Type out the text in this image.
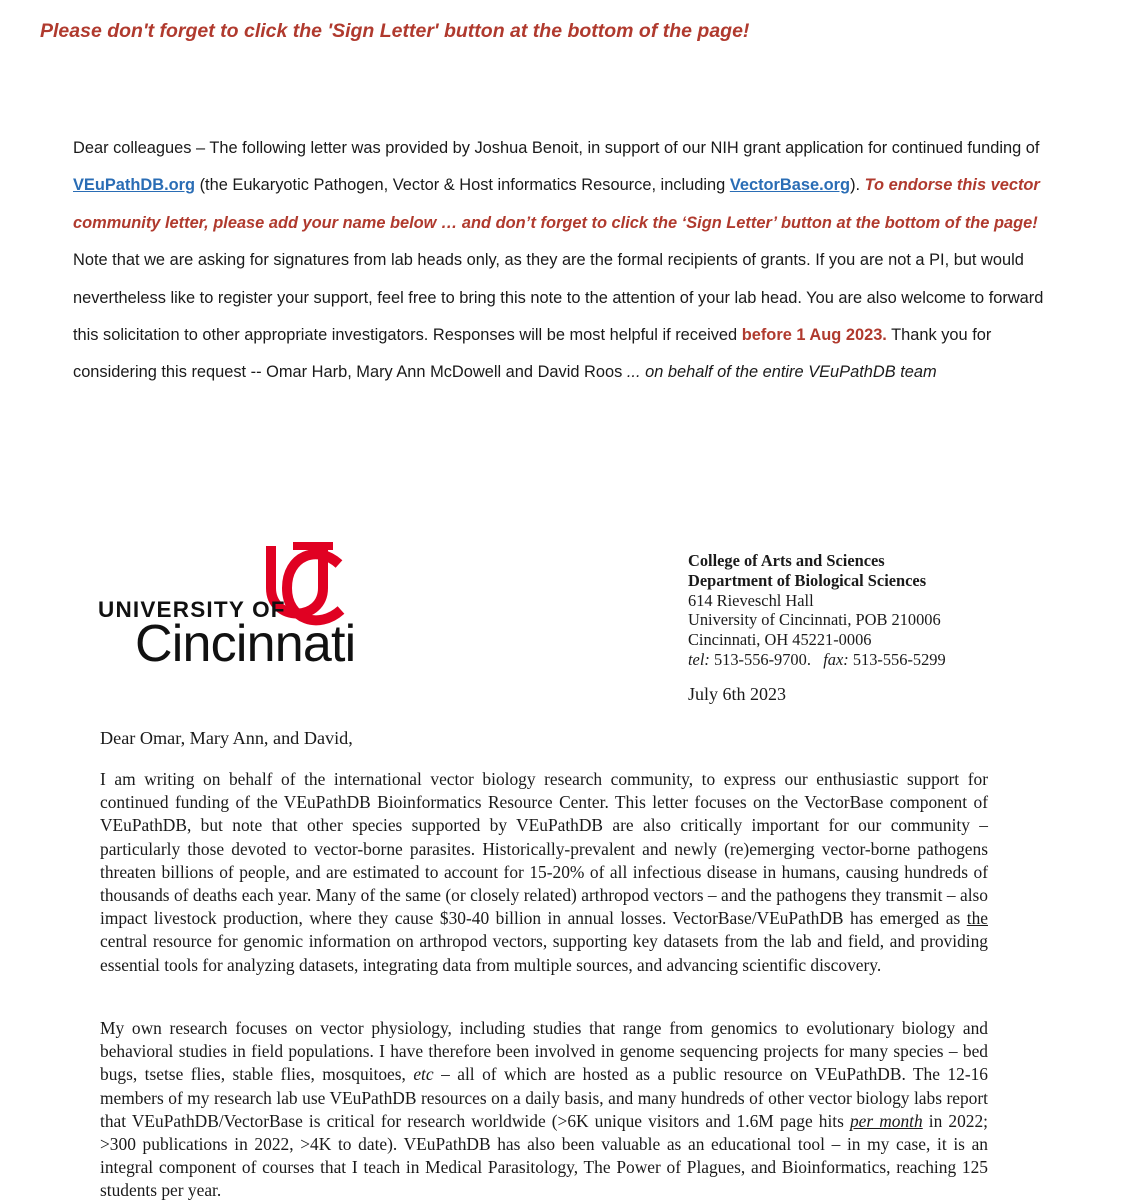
Please don't forget to click the 'Sign Letter' button at the bottom of the page!

Dear colleagues – The following letter was provided by Joshua Benoit, in support of our NIH grant application for continued funding of VEuPathDB.org (the Eukaryotic Pathogen, Vector & Host informatics Resource, including VectorBase.org). To endorse this vector community letter, please add your name below … and don’t forget to click the ‘Sign Letter’ button at the bottom of the page! Note that we are asking for signatures from lab heads only, as they are the formal recipients of grants. If you are not a PI, but would nevertheless like to register your support, feel free to bring this note to the attention of your lab head. You are also welcome to forward this solicitation to other appropriate investigators. Responses will be most helpful if received before 1 Aug 2023. Thank you for considering this request -- Omar Harb, Mary Ann McDowell and David Roos ... on behalf of the entire VEuPathDB team

UNIVERSITY OF
Cincinnati
College of Arts and Sciences
Department of Biological Sciences
614 Rieveschl Hall
University of Cincinnati, POB 210006
Cincinnati, OH 45221-0006
tel: 513-556-9700. fax: 513-556-5299
July 6th 2023
Dear Omar, Mary Ann, and David,

I am writing on behalf of the international vector biology research community, to express our enthusiastic support for continued funding of the VEuPathDB Bioinformatics Resource Center. This letter focuses on the VectorBase component of VEuPathDB, but note that other species supported by VEuPathDB are also critically important for our community – particularly those devoted to vector-borne parasites. Historically-prevalent and newly (re)emerging vector-borne pathogens threaten billions of people, and are estimated to account for 15-20% of all infectious disease in humans, causing hundreds of thousands of deaths each year. Many of the same (or closely related) arthropod vectors – and the pathogens they transmit – also impact livestock production, where they cause $30-40 billion in annual losses. VectorBase/VEuPathDB has emerged as the central resource for genomic information on arthropod vectors, supporting key datasets from the lab and field, and providing essential tools for analyzing datasets, integrating data from multiple sources, and advancing scientific discovery.

My own research focuses on vector physiology, including studies that range from genomics to evolutionary biology and behavioral studies in field populations. I have therefore been involved in genome sequencing projects for many species – bed bugs, tsetse flies, stable flies, mosquitoes, etc – all of which are hosted as a public resource on VEuPathDB. The 12-16 members of my research lab use VEuPathDB resources on a daily basis, and many hundreds of other vector biology labs report that VEuPathDB/VectorBase is critical for research worldwide (>6K unique visitors and 1.6M page hits per month in 2022; >300 publications in 2022, >4K to date). VEuPathDB has also been valuable as an educational tool – in my case, it is an integral component of courses that I teach in Medical Parasitology, The Power of Plagues, and Bioinformatics, reaching 125 students per year.
